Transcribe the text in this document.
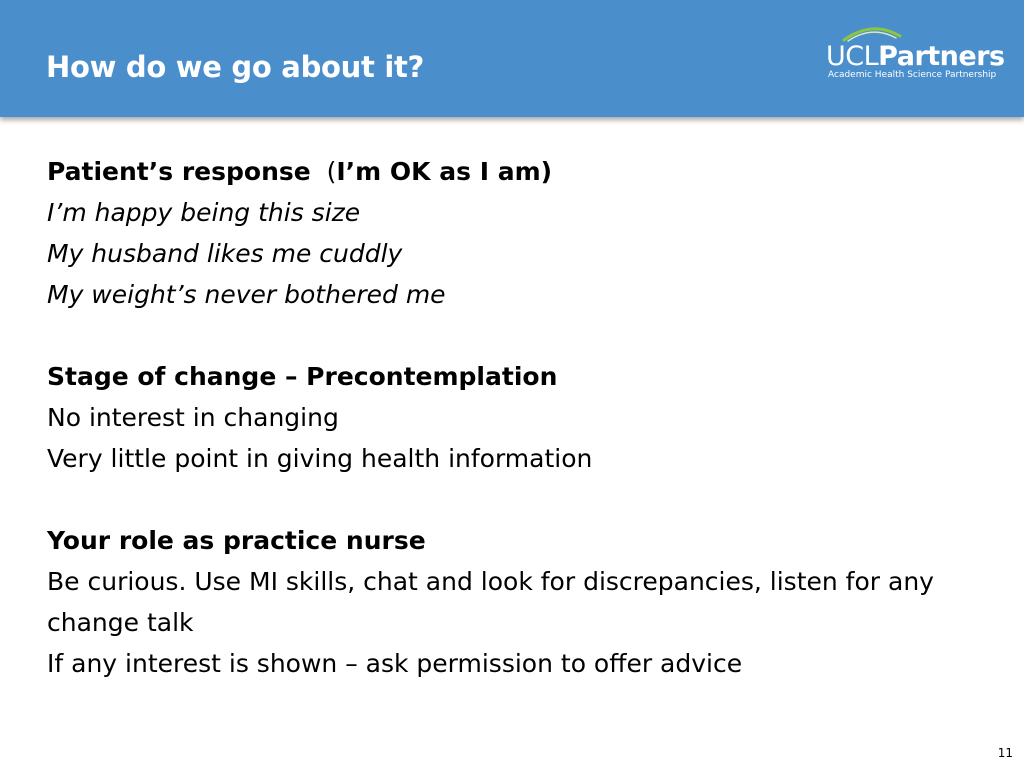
How do we go about it?	UCLPartners
Academic Health Science Partnership
Patient’s response (I’m OK as I am)
I’m happy being this size
My husband likes me cuddly
My weight’s never bothered me
Stage of change – Precontemplation
No interest in changing
Very little point in giving health information
Your role as practice nurse
Be curious. Use MI skills, chat and look for discrepancies, listen for any change talk
If any interest is shown – ask permission to offer advice
11
